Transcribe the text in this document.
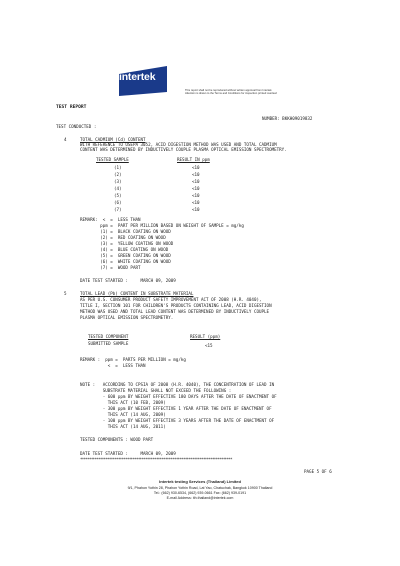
intertek
This report shall not be reproduced without written approval from Intertek.
Attention is drawn to the Terms and Conditions for inspection printed overleaf.
TEST REPORT
NUMBER: BKKH09019832
TEST CONDUCTED :
4	TOTAL CADMIUM (Cd) CONTENT
WITH REFERENCE TO USEPA 3052, ACID DIGESTION METHOD WAS USED AND TOTAL CADMIUM
CONTENT WAS DETERMINED BY INDUCTIVELY COUPLE PLASMA OPTICAL EMISSION SPECTROMETRY.
TESTED SAMPLE	RESULT IN ppm
(1)	<10
(2)	<10
(3)	<10
(4)	<10
(5)	<10
(6)	<10
(7)	<10
REMARK:  <  =  LESS THAN
ppm =  PART PER MILLION BASED ON WEIGHT OF SAMPLE = mg/kg
(1) =  BLACK COATING ON WOOD
(2) =  RED COATING ON WOOD
(3) =  YELLOW COATING ON WOOD
(4) =  BLUE COATING ON WOOD
(5) =  GREEN COATING ON WOOD
(6) =  WHITE COATING ON WOOD
(7) =  WOOD PART
DATE TEST STARTED :     MARCH 09, 2009
5	TOTAL LEAD (Pb) CONTENT IN SUBSTRATE MATERIAL
AS PER U.S. CONSUMER PRODUCT SAFETY IMPROVEMENT ACT OF 2008 (H.R. 4040),
TITLE I, SECTION 101 FOR CHILDREN'S PRODUCTS CONTAINING LEAD, ACID DIGESTION
METHOD WAS USED AND TOTAL LEAD CONTENT WAS DETERMINED BY INDUCTIVELY COUPLE
PLASMA OPTICAL EMISSION SPECTROMETRY.
TESTED COMPONENT	RESULT (ppm)
SUBMITTED SAMPLE	<15
REMARK :  ppm =  PARTS PER MILLION = mg/kg
<  =  LESS THAN
NOTE :   ACCORDING TO CPSIA OF 2008 (H.R. 4040), THE CONCENTRATION OF LEAD IN
SUBSTRATE MATERIAL SHALL NOT EXCEED THE FOLLOWING :
- 600 ppm BY WEIGHT EFFECTIVE 180 DAYS AFTER THE DATE OF ENACTMENT OF
THIS ACT (10 FEB, 2009)
- 300 ppm BY WEIGHT EFFECTIVE 1 YEAR AFTER THE DATE OF ENACTMENT OF
THIS ACT (14 AUG, 2009)
- 100 ppm BY WEIGHT EFFECTIVE 3 YEARS AFTER THE DATE OF ENACTMENT OF
THIS ACT (14 AUG, 2011)
TESTED COMPONENTS : WOOD PART
DATE TEST STARTED :     MARCH 09, 2009
************************************************************************************
PAGE 5 OF 6
Intertek testing Services (Thailand) Limited
9/1, Phahon Yothin 28, Phahon Yothin Road, Lat Yao, Chatuchak, Bangkok 10900 Thailand
Tel.: (662) 930-6534, (662) 939-0661 Fax: (662) 939-0191
E-mail Address: ith.thailand@intertek.com
